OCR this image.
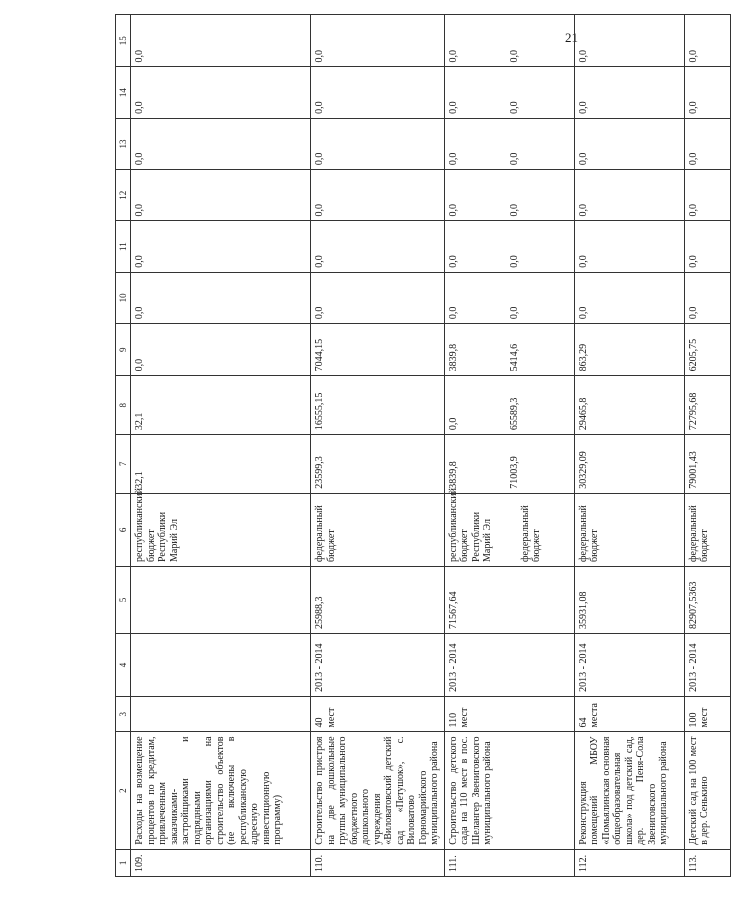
21
1	2	3	4	5	6	7	8	9	10	11	12	13	14	15
109.	Расходы на возмещение процентов по кредитам, привлеченным заказчиками-застройщиками и подрядными организациями на строительство объектов (не включены в республиканскую адресную инвестиционную программу)				республиканский бюджет Республики Марий Эл	32,1	32,1	0,0	0,0	0,0	0,0	0,0	0,0	0,0

110.	Строительство пристроя на две дошкольные группы муниципального бюджетного дошкольного учреждения «Виловатовский детский сад «Петушок», с. Виловатово Горномарийского муниципального района	40 мест	2013 - 2014	25988,3	федеральный бюджет	23599,3	16555,15	7044,15	0,0	0,0	0,0	0,0	0,0	0,0

111.	Строительство детского сада на 110 мест в пос. Шелангер Звениговского муниципального района	110 мест	2013 - 2014	71567,64	республиканский бюджет Республики Марий Эл федеральный бюджет	3839,8 71003,9	0,0 65589,3	3839,8 5414,6	0,0 0,0	0,0 0,0	0,0 0,0	0,0 0,0	0,0 0,0	0,0 0,0

112.	Реконструкция помещений МБОУ «Помьялинская основная общеобразовательная школа» под детский сад, дер. Пеня-Сола Звениговского муниципального района	64 места	2013 - 2014	35931,08	федеральный бюджет	30329,09	29465,8	863,29	0,0	0,0	0,0	0,0	0,0	0,0

113.	Детский сад на 100 мест в дер. Сенькино	100 мест	2013 - 2014	82907,5363	федеральный бюджет	79001,43	72795,68	6205,75	0,0	0,0	0,0	0,0	0,0	0,0
